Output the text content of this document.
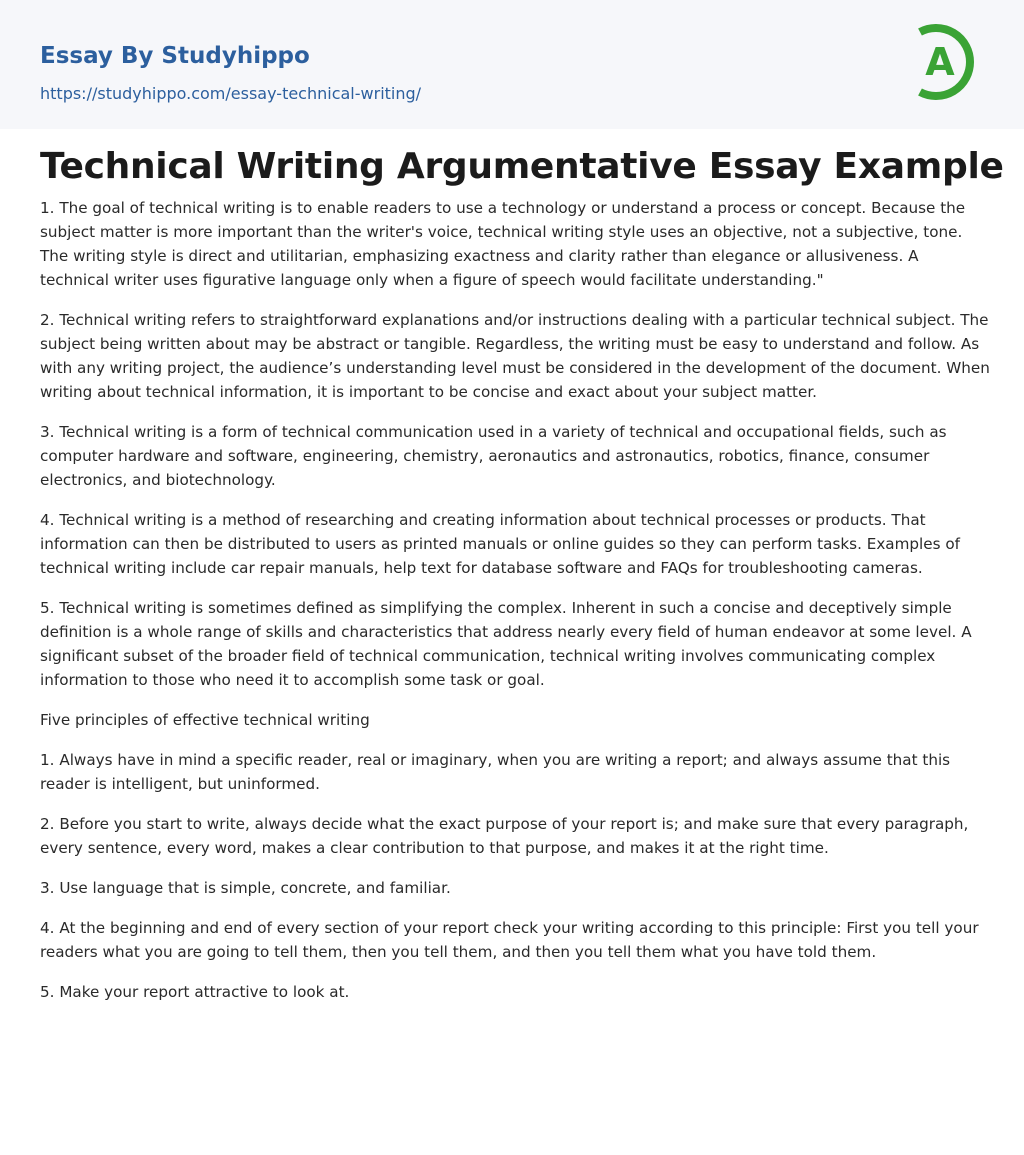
Essay By Studyhippo
https://studyhippo.com/essay-technical-writing/
A
Technical Writing Argumentative Essay Example

1. The goal of technical writing is to enable readers to use a technology or understand a process or concept. Because the subject matter is more important than the writer's voice, technical writing style uses an objective, not a subjective, tone. The writing style is direct and utilitarian, emphasizing exactness and clarity rather than elegance or allusiveness. A technical writer uses figurative language only when a figure of speech would facilitate understanding."

2. Technical writing refers to straightforward explanations and/or instructions dealing with a particular technical subject. The subject being written about may be abstract or tangible. Regardless, the writing must be easy to understand and follow. As with any writing project, the audience’s understanding level must be considered in the development of the document. When writing about technical information, it is important to be concise and exact about your subject matter.

3. Technical writing is a form of technical communication used in a variety of technical and occupational fields, such as computer hardware and software, engineering, chemistry, aeronautics and astronautics, robotics, finance, consumer electronics, and biotechnology.

4. Technical writing is a method of researching and creating information about technical processes or products. That information can then be distributed to users as printed manuals or online guides so they can perform tasks. Examples of technical writing include car repair manuals, help text for database software and FAQs for troubleshooting cameras.

5. Technical writing is sometimes defined as simplifying the complex. Inherent in such a concise and deceptively simple definition is a whole range of skills and characteristics that address nearly every field of human endeavor at some level. A significant subset of the broader field of technical communication, technical writing involves communicating complex information to those who need it to accomplish some task or goal.

Five principles of effective technical writing

1. Always have in mind a specific reader, real or imaginary, when you are writing a report; and always assume that this reader is intelligent, but uninformed.

2. Before you start to write, always decide what the exact purpose of your report is; and make sure that every paragraph, every sentence, every word, makes a clear contribution to that purpose, and makes it at the right time.

3. Use language that is simple, concrete, and familiar.

4. At the beginning and end of every section of your report check your writing according to this principle: First you tell your readers what you are going to tell them, then you tell them, and then you tell them what you have told them.

5. Make your report attractive to look at.
